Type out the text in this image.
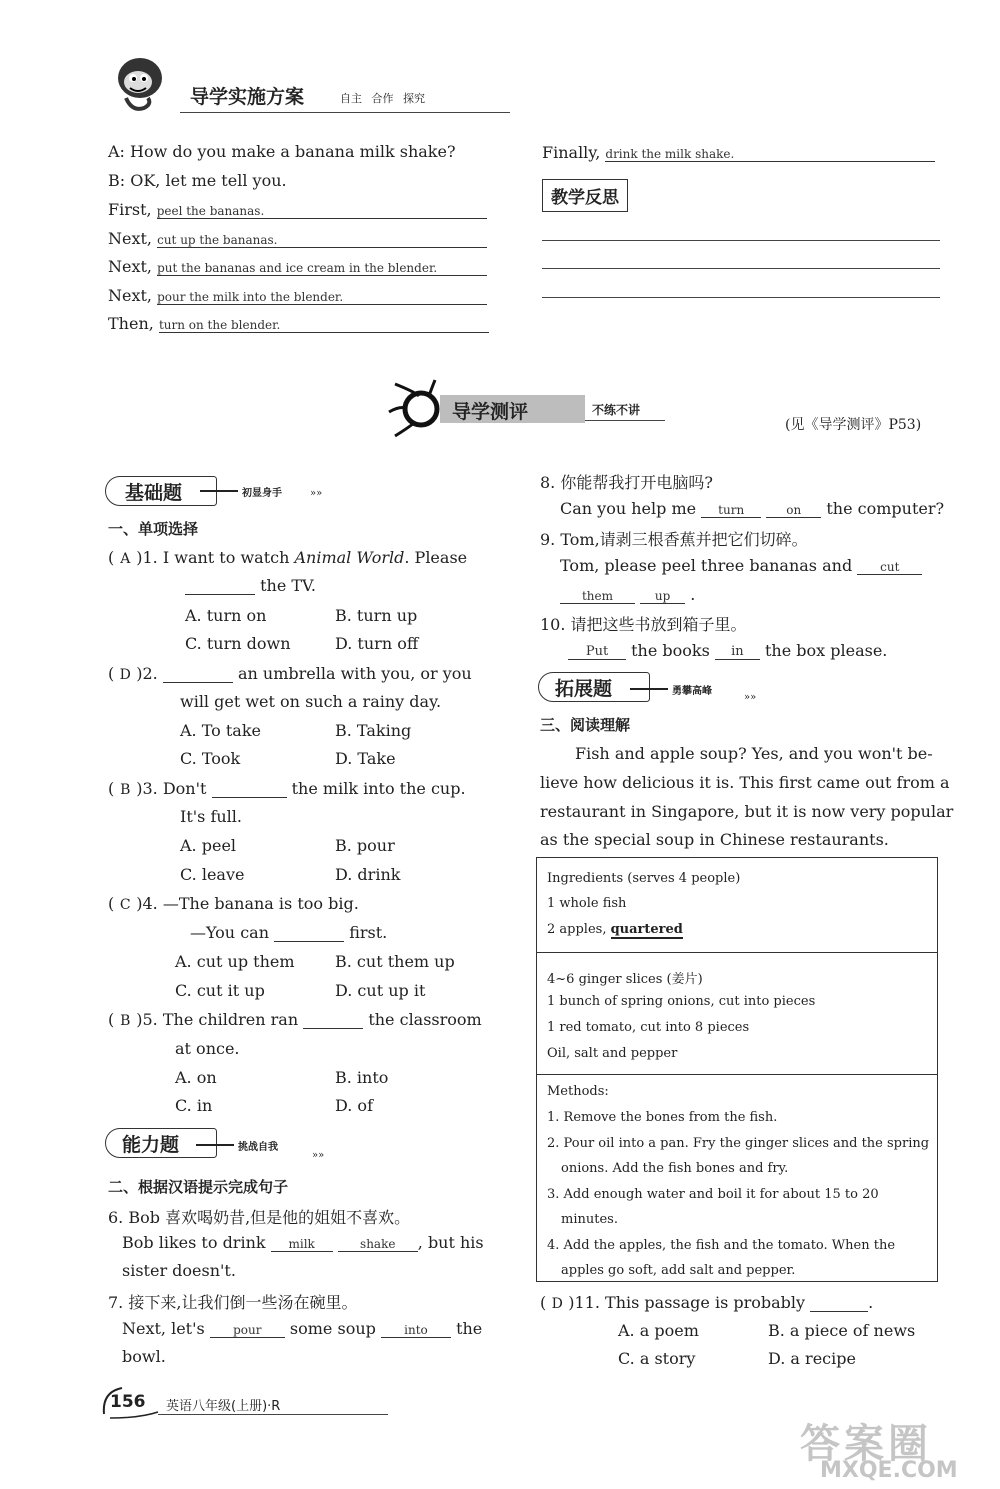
导学实施方案	自主 合作 探究
A: How do you make a banana milk shake?
B: OK, let me tell you.
First, peel the bananas.
Next, cut up the bananas.
Next, put the bananas and ice cream in the blender.
Next, pour the milk into the blender.
Then, turn on the blender.
Finally, drink the milk shake.
教学反思
导学测评	不练不讲
(见《导学测评》P53)
基础题	初显身手	»»
一、单项选择
( A )1. I want to watch Animal World. Please
the TV.
A. turn on	B. turn up
C. turn down	D. turn off
( D )2.	an umbrella with you, or you
will get wet on such a rainy day.
A. To take	B. Taking
C. Took	D. Take
( B )3. Don't	the milk into the cup.
It's full.
A. peel	B. pour
C. leave	D. drink
( C )4. —The banana is too big.
—You can	first.
A. cut up them	B. cut them up
C. cut it up	D. cut up it
( B )5. The children ran	the classroom
at once.
A. on	B. into
C. in	D. of
能力题	挑战自我
»»
二、根据汉语提示完成句子
6. Bob 喜欢喝奶昔,但是他的姐姐不喜欢。
Bob likes to drink milk	shake , but his
sister doesn't.
7. 接下来,让我们倒一些汤在碗里。
Next, let's pour some soup into the
bowl.
8. 你能帮我打开电脑吗?
Can you help me turn	on the computer?
9. Tom,请剥三根香蕉并把它们切碎。
Tom, please peel three bananas and cut
them	up .
10. 请把这些书放到箱子里。
Put the books in the box please.
拓展题	勇攀高峰
»»
三、阅读理解
Fish and apple soup? Yes, and you won't be-
lieve how delicious it is. This first came out from a
restaurant in Singapore, but it is now very popular
as the special soup in Chinese restaurants.
Ingredients (serves 4 people)
1 whole fish
2 apples, quartered
4~6 ginger slices (姜片)
1 bunch of spring onions, cut into pieces
1 red tomato, cut into 8 pieces
Oil, salt and pepper
Methods:
1. Remove the bones from the fish.
2. Pour oil into a pan. Fry the ginger slices and the spring
onions. Add the fish bones and fry.
3. Add enough water and boil it for about 15 to 20
minutes.
4. Add the apples, the fish and the tomato. When the
apples go soft, add salt and pepper.
( D )11. This passage is probably	.
A. a poem	B. a piece of news
C. a story	D. a recipe
156 英语八年级(上册)·R
答案圈
MXQE.COM
